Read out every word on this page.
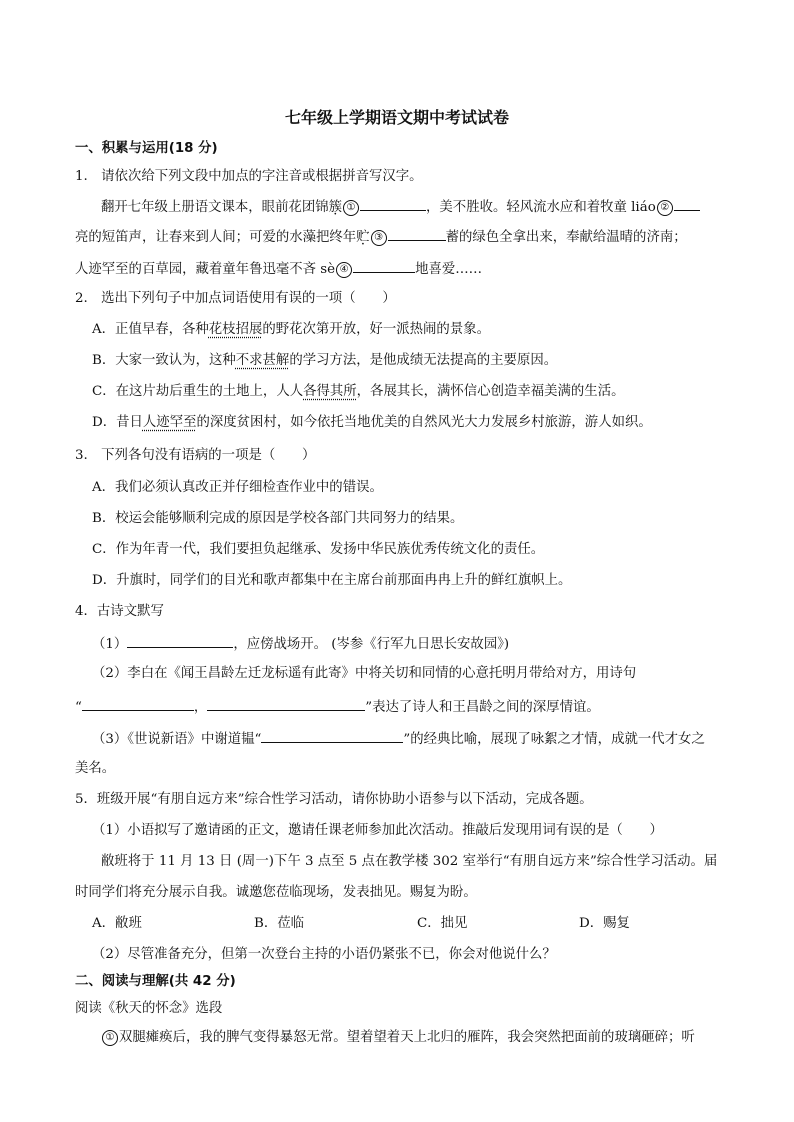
七年级上学期语文期中考试试卷
一、积累与运用(18 分)
1.　请依次给下列文段中加点的字注音或根据拼音写汉字。
翻开七年级上册语文课本，眼前花团锦簇 ①	，美不胜收。轻风流水应和着牧童 liáo ②
亮的短笛声，让春来到人间；可爱的水藻把终年贮 ③	蓄的绿色全拿出来，奉献给温晴的济南；
人迹罕至的百草园，藏着童年鲁迅毫不吝 sè ④	地喜爱……
2.　选出下列句子中加点词语使用有误的一项（　　）
A．正值早春，各种花枝招展的野花次第开放，好一派热闹的景象。
B．大家一致认为，这种不求甚解的学习方法，是他成绩无法提高的主要原因。
C．在这片劫后重生的土地上，人人各得其所，各展其长，满怀信心创造幸福美满的生活。
D．昔日人迹罕至的深度贫困村，如今依托当地优美的自然风光大力发展乡村旅游，游人如织。
3.　下列各句没有语病的一项是（　　）
A．我们必须认真改正并仔细检查作业中的错误。
B．校运会能够顺利完成的原因是学校各部门共同努力的结果。
C．作为年青一代，我们要担负起继承、发扬中华民族优秀传统文化的责任。
D．升旗时，同学们的目光和歌声都集中在主席台前那面冉冉上升的鲜红旗帜上。
4．古诗文默写
（1）	，应傍战场开。 (岑参《行军九日思长安故园》)
（2）李白在《闻王昌龄左迁龙标遥有此寄》中将关切和同情的心意托明月带给对方，用诗句
“	，	”表达了诗人和王昌龄之间的深厚情谊。
（3）《世说新语》中谢道韫“	”的经典比喻，展现了咏絮之才情，成就一代才女之
美名。
5．班级开展“有朋自远方来”综合性学习活动，请你协助小语参与以下活动，完成各题。
（1）小语拟写了邀请函的正文，邀请任课老师参加此次活动。推敲后发现用词有误的是（　　）
敝班将于 11 月 13 日 (周一)下午 3 点至 5 点在教学楼 302 室举行“有朋自远方来”综合性学习活动。届
时同学们将充分展示自我。诚邀您莅临现场，发表拙见。赐复为盼。
A．敝班	B．莅临	C．拙见	D．赐复
（2）尽管准备充分，但第一次登台主持的小语仍紧张不已，你会对他说什么？
二、阅读与理解(共 42 分)
阅读《秋天的怀念》选段
① 双腿瘫痪后，我的脾气变得暴怒无常。望着望着天上北归的雁阵，我会突然把面前的玻璃砸碎；听
